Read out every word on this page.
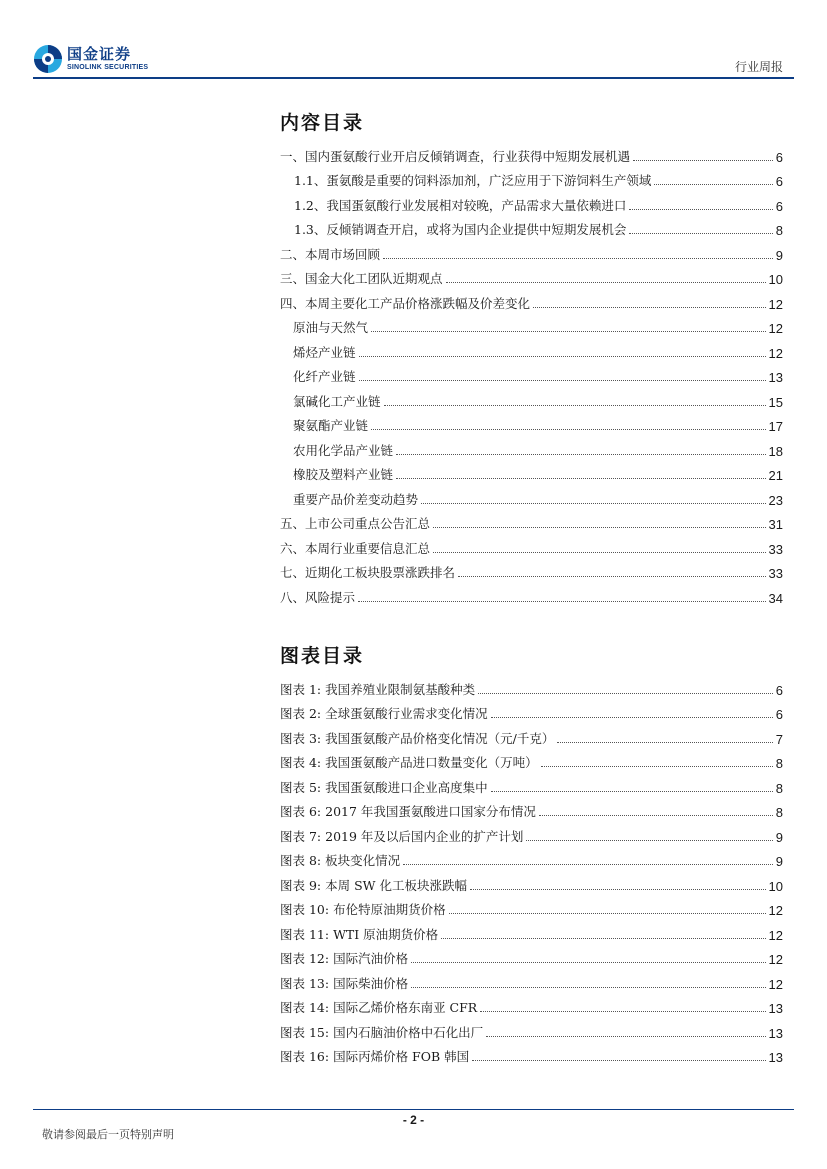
国金证券
SINOLINK SECURITIES	行业周报
内容目录
一、国内蛋氨酸行业开启反倾销调查，行业获得中短期发展机遇	6
1.1、蛋氨酸是重要的饲料添加剂，广泛应用于下游饲料生产领域	6
1.2、我国蛋氨酸行业发展相对较晚，产品需求大量依赖进口	6
1.3、反倾销调查开启，或将为国内企业提供中短期发展机会	8
二、本周市场回顾	9
三、国金大化工团队近期观点	10
四、本周主要化工产品价格涨跌幅及价差变化	12
原油与天然气	12
烯烃产业链	12
化纤产业链	13
氯碱化工产业链	15
聚氨酯产业链	17
农用化学品产业链	18
橡胶及塑料产业链	21
重要产品价差变动趋势	23
五、上市公司重点公告汇总	31
六、本周行业重要信息汇总	33
七、近期化工板块股票涨跌排名	33
八、风险提示	34
图表目录
图表 1: 我国养殖业限制氨基酸种类	6
图表 2: 全球蛋氨酸行业需求变化情况	6
图表 3: 我国蛋氨酸产品价格变化情况（元/千克）	7
图表 4: 我国蛋氨酸产品进口数量变化（万吨）	8
图表 5: 我国蛋氨酸进口企业高度集中	8
图表 6: 2017 年我国蛋氨酸进口国家分布情况	8
图表 7: 2019 年及以后国内企业的扩产计划	9
图表 8: 板块变化情况	9
图表 9: 本周 SW 化工板块涨跌幅	10
图表 10: 布伦特原油期货价格	12
图表 11: WTI 原油期货价格	12
图表 12: 国际汽油价格	12
图表 13: 国际柴油价格	12
图表 14: 国际乙烯价格东南亚 CFR	13
图表 15: 国内石脑油价格中石化出厂	13
图表 16: 国际丙烯价格 FOB 韩国	13
- 2 -
敬请参阅最后一页特别声明
